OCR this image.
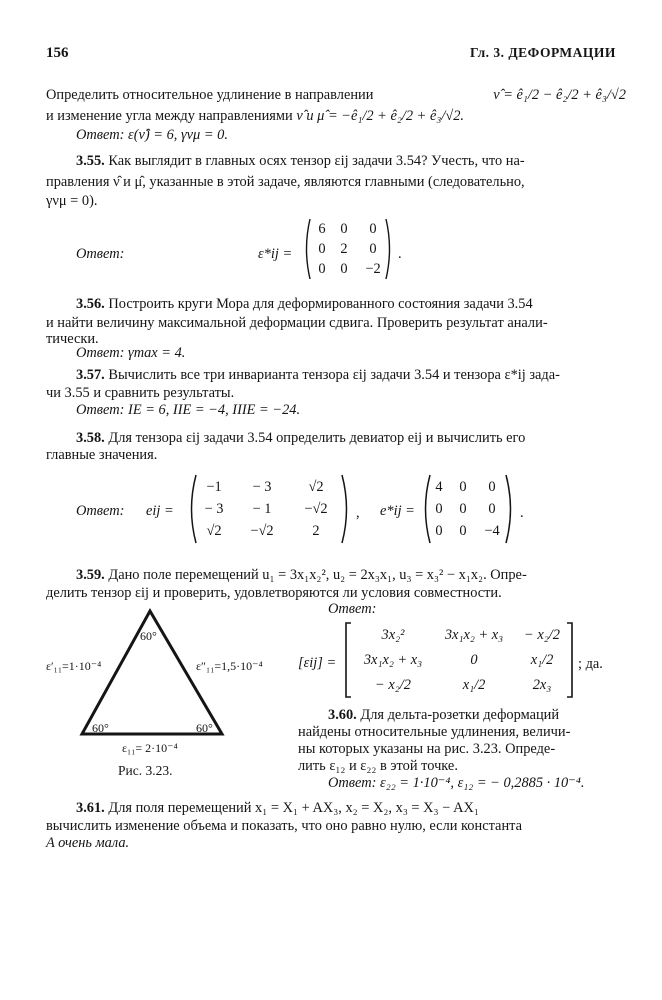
156	Гл. 3. ДЕФОРМАЦИИ
Определить относительное удлинение в направлении	ν̂ = ê₁/2 − ê₂/2 + ê₃/√2
и изменение угла между направлениями ν̂ и μ̂ = −ê₁/2 + ê₂/2 + ê₃/√2.
Ответ: ε(ν̂) = 6, γνμ = 0.
3.55. Как выглядит в главных осях тензор εij задачи 3.54? Учесть, что на-
правления ν̂ и μ̂, указанные в этой задаче, являются главными (следовательно,
γνμ = 0).
Ответ:	ε*ij =
6	0	0
0	2	0
0	0	−2
.
3.56. Построить круги Мора для деформированного состояния задачи 3.54
и найти величину максимальной деформации сдвига. Проверить результат анали-
тически.
Ответ: γmax = 4.
3.57. Вычислить все три инварианта тензора εij задачи 3.54 и тензора ε*ij зада-
чи 3.55 и сравнить результаты.
Ответ: IE = 6, IIE = −4, IIIE = −24.
3.58. Для тензора εij задачи 3.54 определить девиатор eij и вычислить его
главные значения.
Ответ: eij =
−1	− 3	√2
− 3	− 1	−√2
√2	−√2	2
, e*ij =
4	0	0
0	0	0
0	0	−4
.
3.59. Дано поле перемещений u₁ = 3x₁x₂², u₂ = 2x₃x₁, u₃ = x₃² − x₁x₂. Опре-
делить тензор εij и проверить, удовлетворяются ли условия совместности.
Ответ:
[εij] =
3x₂²	3x₁x₂ + x₃	− x₂/2
3x₁x₂ + x₃	0	x₁/2
− x₂/2	x₁/2	2x₃
; да.
60°
60°	60°
ε′₁₁=1·10⁻⁴	ε″₁₁=1,5·10⁻⁴
ε₁₁= 2·10⁻⁴
Рис. 3.23.
3.60. Для дельта-розетки деформаций
найдены относительные удлинения, величи-
ны которых указаны на рис. 3.23. Опреде-
лить ε₁₂ и ε₂₂ в этой точке.
Ответ: ε₂₂ = 1·10⁻⁴, ε₁₂ = − 0,2885 · 10⁻⁴.
3.61. Для поля перемещений x₁ = X₁ + AX₃, x₂ = X₂, x₃ = X₃ − AX₁
вычислить изменение объема и показать, что оно равно нулю, если константа
A очень мала.
